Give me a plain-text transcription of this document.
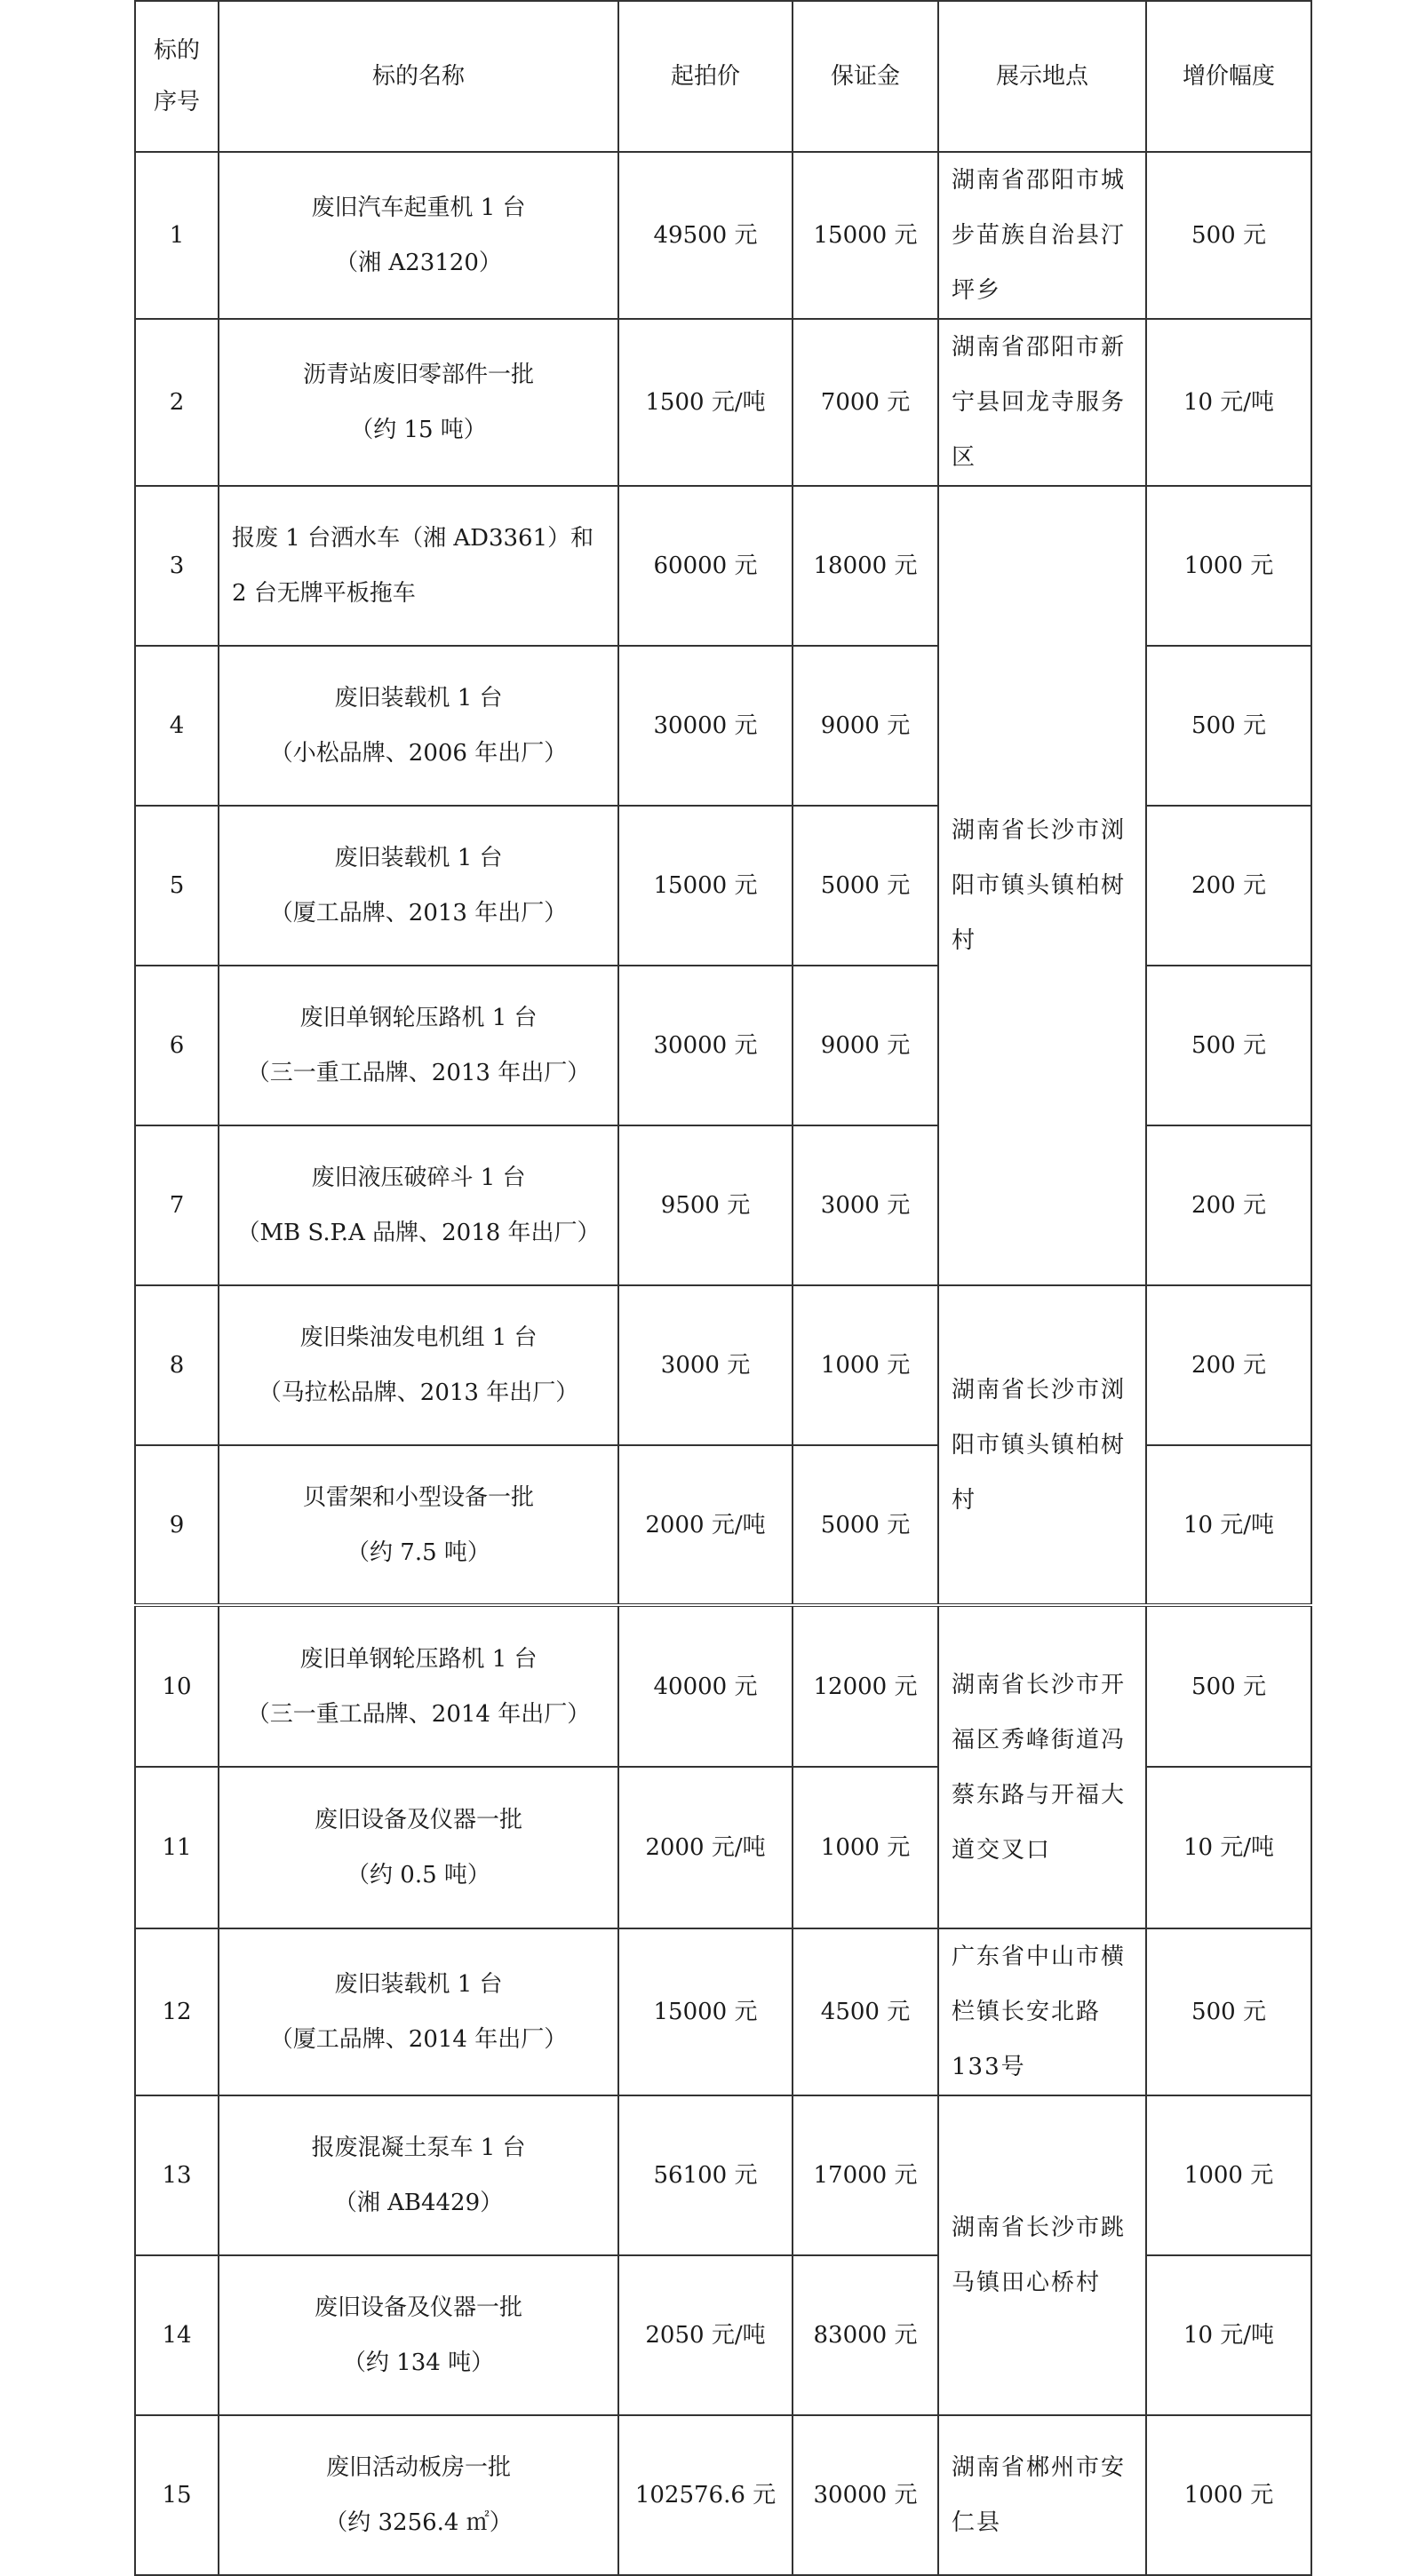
标的
序号	标的名称	起拍价	保证金	展示地点	增价幅度
1	废旧汽车起重机 1 台
（湘 A23120）	49500 元	15000 元	湖南省邵阳市城步苗族自治县汀坪乡	500 元
2	沥青站废旧零部件一批
（约 15 吨）	1500 元/吨	7000 元	湖南省邵阳市新宁县回龙寺服务区	10 元/吨
3	报废 1 台洒水车（湘 AD3361）和
2 台无牌平板拖车	60000 元	18000 元	湖南省长沙市浏阳市镇头镇柏树村	1000 元
4	废旧装载机 1 台
（小松品牌、2006 年出厂）	30000 元	9000 元		500 元
5	废旧装载机 1 台
（厦工品牌、2013 年出厂）	15000 元	5000 元		200 元
6	废旧单钢轮压路机 1 台
（三一重工品牌、2013 年出厂）	30000 元	9000 元		500 元
7	废旧液压破碎斗 1 台
（MB S.P.A 品牌、2018 年出厂）	9500 元	3000 元		200 元
8	废旧柴油发电机组 1 台
（马拉松品牌、2013 年出厂）	3000 元	1000 元	湖南省长沙市浏阳市镇头镇柏树村	200 元
9	贝雷架和小型设备一批
（约 7.5 吨）	2000 元/吨	5000 元		10 元/吨
10	废旧单钢轮压路机 1 台
（三一重工品牌、2014 年出厂）	40000 元	12000 元	湖南省长沙市开福区秀峰街道冯蔡东路与开福大道交叉口	500 元
11	废旧设备及仪器一批
（约 0.5 吨）	2000 元/吨	1000 元		10 元/吨
12	废旧装载机 1 台
（厦工品牌、2014 年出厂）	15000 元	4500 元	广东省中山市横栏镇长安北路133号	500 元
13	报废混凝土泵车 1 台
（湘 AB4429）	56100 元	17000 元	湖南省长沙市跳马镇田心桥村	1000 元
14	废旧设备及仪器一批
（约 134 吨）	2050 元/吨	83000 元		10 元/吨
15	废旧活动板房一批
（约 3256.4 ㎡）	102576.6 元	30000 元	湖南省郴州市安仁县	1000 元
